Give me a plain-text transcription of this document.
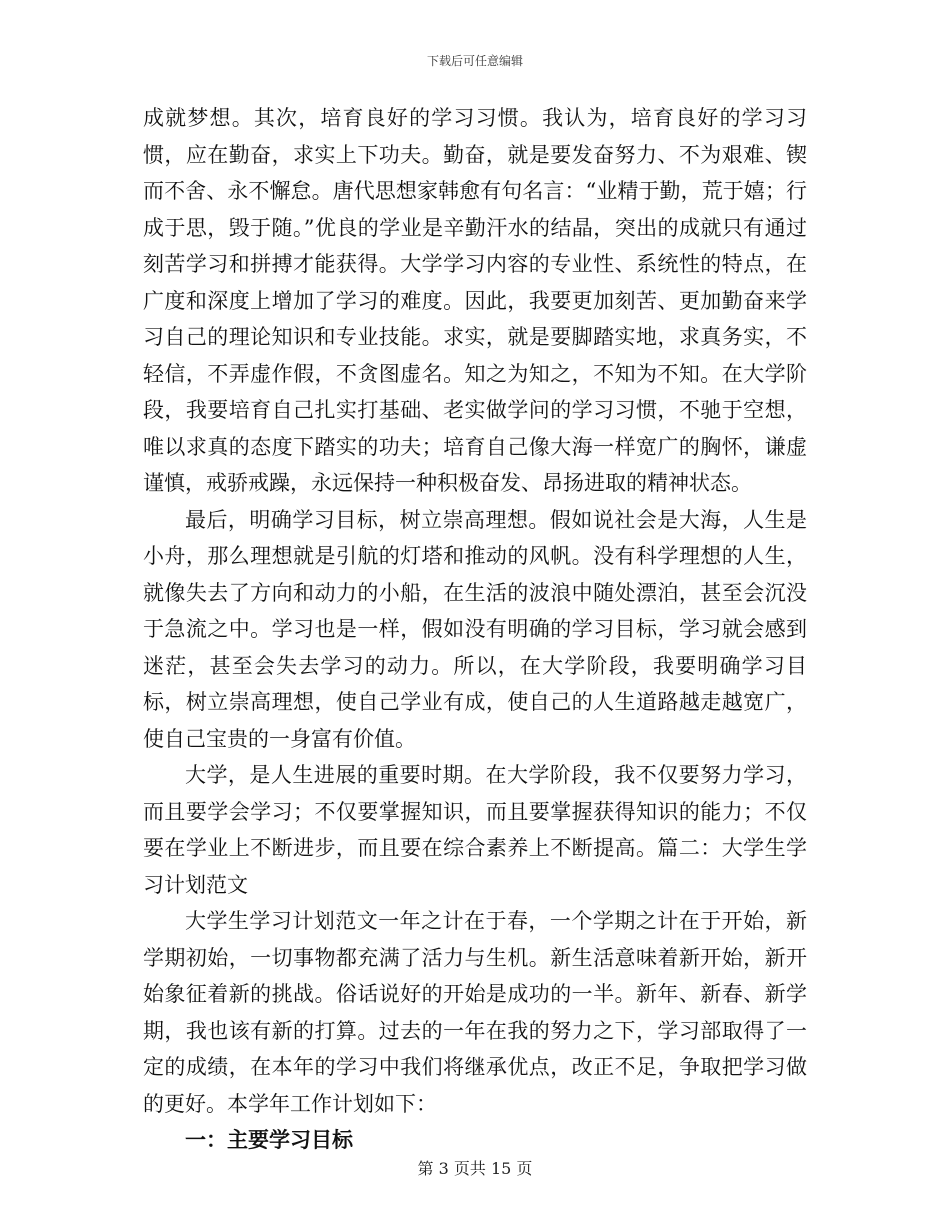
下载后可任意编辑

成就梦想。其次，培育良好的学习习惯。我认为，培育良好的学习习惯，应在勤奋，求实上下功夫。勤奋，就是要发奋努力、不为艰难、锲而不舍、永不懈怠。唐代思想家韩愈有句名言：“业精于勤，荒于嬉；行成于思，毁于随。”优良的学业是辛勤汗水的结晶，突出的成就只有通过刻苦学习和拼搏才能获得。大学学习内容的专业性、系统性的特点，在广度和深度上增加了学习的难度。因此，我要更加刻苦、更加勤奋来学习自己的理论知识和专业技能。求实，就是要脚踏实地，求真务实，不轻信，不弄虚作假，不贪图虚名。知之为知之，不知为不知。在大学阶段，我要培育自己扎实打基础、老实做学问的学习习惯，不驰于空想，唯以求真的态度下踏实的功夫；培育自己像大海一样宽广的胸怀，谦虚谨慎，戒骄戒躁，永远保持一种积极奋发、昂扬进取的精神状态。

最后，明确学习目标，树立崇高理想。假如说社会是大海，人生是小舟，那么理想就是引航的灯塔和推动的风帆。没有科学理想的人生，就像失去了方向和动力的小船，在生活的波浪中随处漂泊，甚至会沉没于急流之中。学习也是一样，假如没有明确的学习目标，学习就会感到迷茫，甚至会失去学习的动力。所以，在大学阶段，我要明确学习目标，树立崇高理想，使自己学业有成，使自己的人生道路越走越宽广，使自己宝贵的一身富有价值。

大学，是人生进展的重要时期。在大学阶段，我不仅要努力学习，而且要学会学习；不仅要掌握知识，而且要掌握获得知识的能力；不仅要在学业上不断进步，而且要在综合素养上不断提高。篇二：大学生学习计划范文

大学生学习计划范文一年之计在于春，一个学期之计在于开始，新学期初始，一切事物都充满了活力与生机。新生活意味着新开始，新开始象征着新的挑战。俗话说好的开始是成功的一半。新年、新春、新学期，我也该有新的打算。过去的一年在我的努力之下，学习部取得了一定的成绩，在本年的学习中我们将继承优点，改正不足，争取把学习做的更好。本学年工作计划如下：

一：主要学习目标

第 3 页共 15 页
